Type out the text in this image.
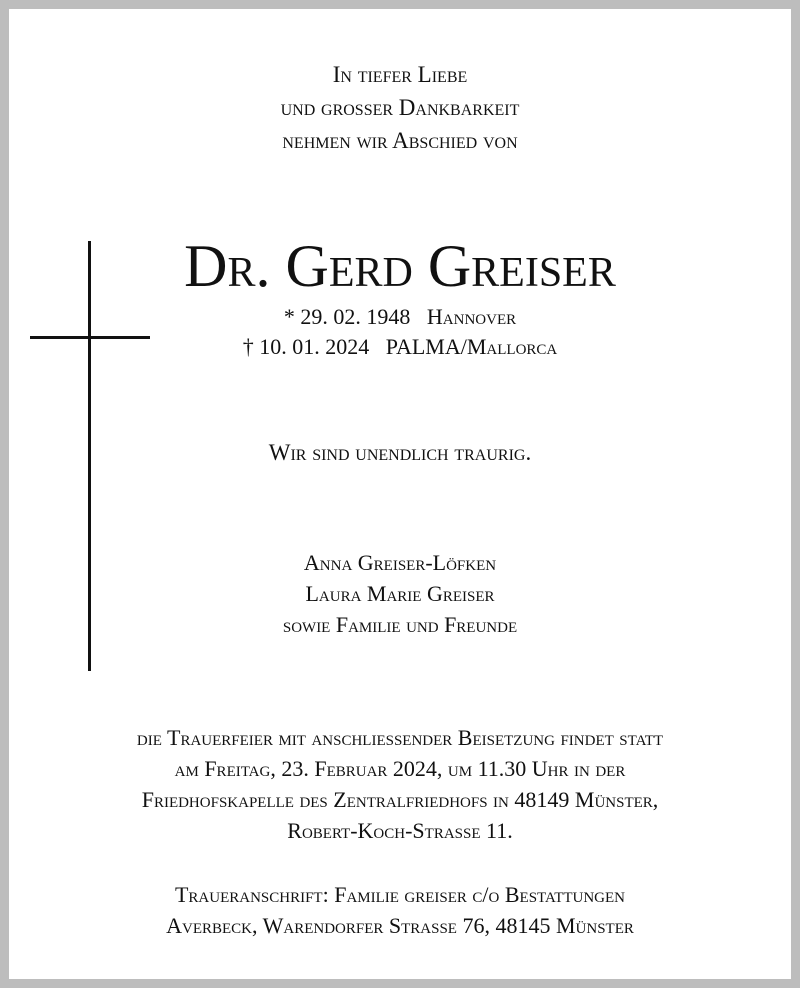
In tiefer Liebe
und grosser Dankbarkeit
nehmen wir Abschied von
Dr. Gerd Greiser
* 29. 02. 1948   Hannover
† 10. 01. 2024   PALMA/Mallorca
Wir sind unendlich traurig.
Anna Greiser-Löfken
Laura Marie Greiser
sowie Familie und Freunde
die Trauerfeier mit anschliessender Beisetzung findet statt
am Freitag, 23. Februar 2024, um 11.30 Uhr in der
Friedhofskapelle des Zentralfriedhofs in 48149 Münster,
Robert-Koch-Strasse 11.
Traueranschrift: Familie greiser c/o Bestattungen
Averbeck, Warendorfer Strasse 76, 48145 Münster
